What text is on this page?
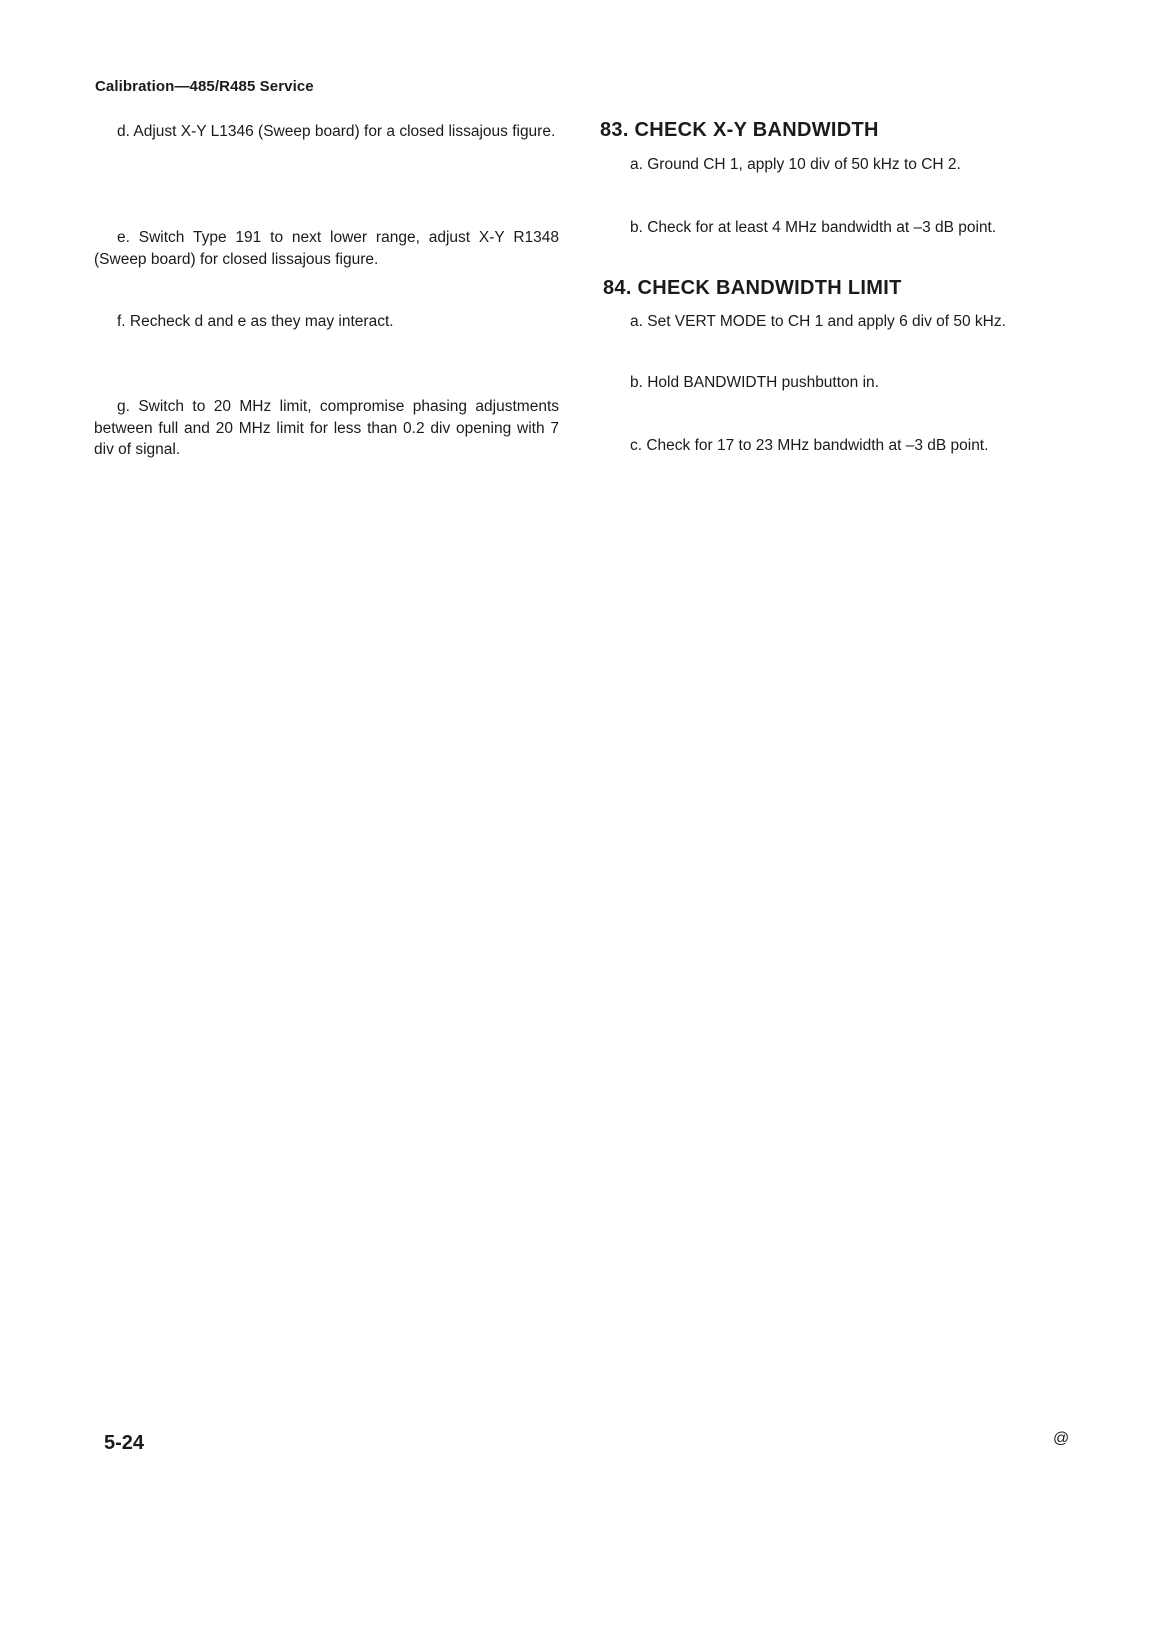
Calibration—485/R485 Service

d. Adjust X-Y L1346 (Sweep board) for a closed lissajous figure.

e. Switch Type 191 to next lower range, adjust X-Y R1348 (Sweep board) for closed lissajous figure.

f. Recheck d and e as they may interact.

g. Switch to 20 MHz limit, compromise phasing adjustments between full and 20 MHz limit for less than 0.2 div opening with 7 div of signal.

83. CHECK X-Y BANDWIDTH

a. Ground CH 1, apply 10 div of 50 kHz to CH 2.

b. Check for at least 4 MHz bandwidth at –3 dB point.

84. CHECK BANDWIDTH LIMIT

a. Set VERT MODE to CH 1 and apply 6 div of 50 kHz.

b. Hold BANDWIDTH pushbutton in.

c. Check for 17 to 23 MHz bandwidth at –3 dB point.

5-24	@
